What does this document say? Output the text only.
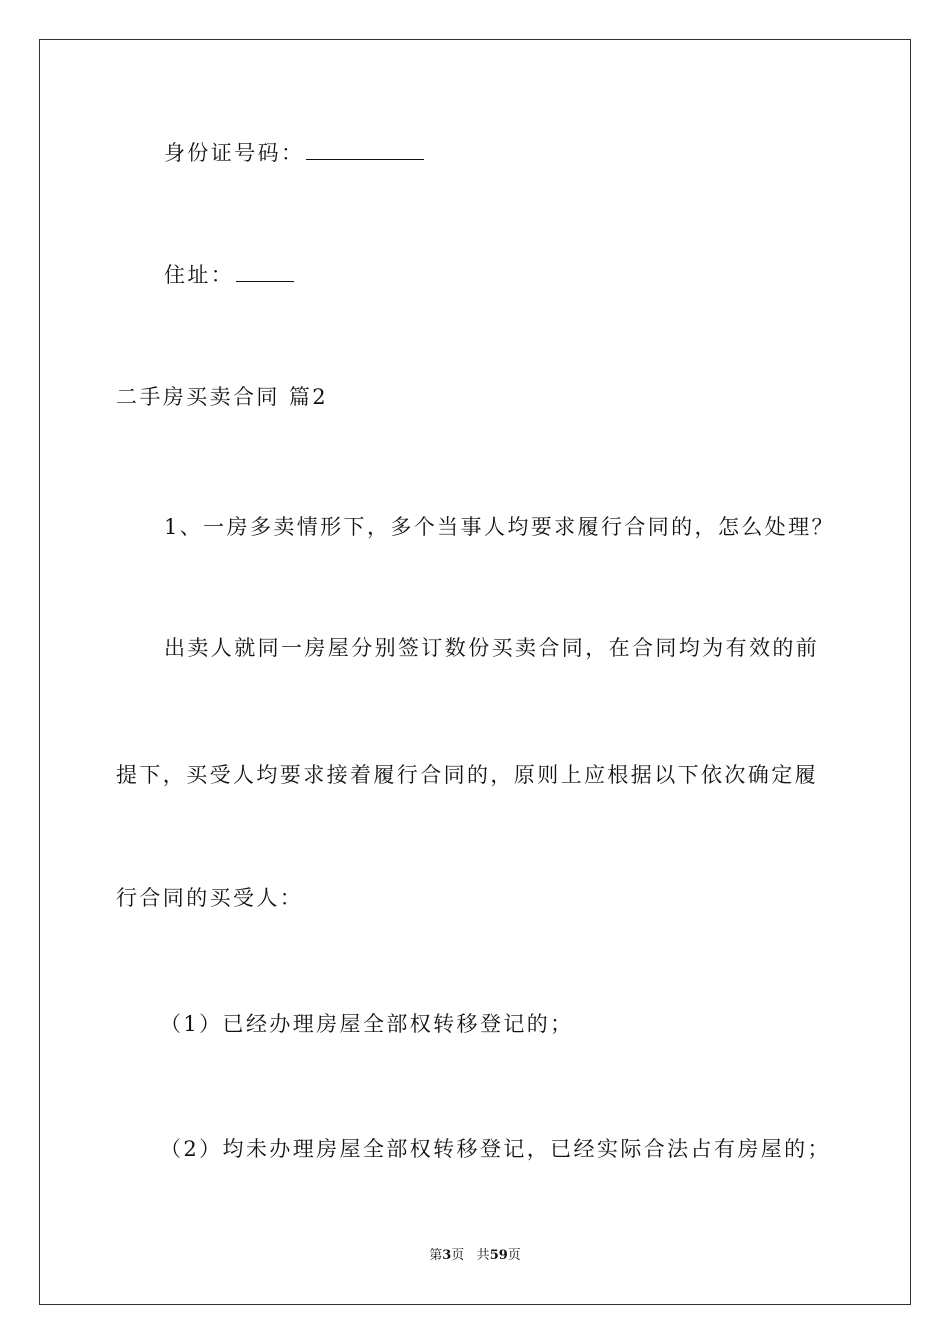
身份证号码：
住址：
二手房买卖合同 篇2
1、一房多卖情形下，多个当事人均要求履行合同的，怎么处理？
出卖人就同一房屋分别签订数份买卖合同，在合同均为有效的前
提下，买受人均要求接着履行合同的，原则上应根据以下依次确定履
行合同的买受人：
（1）已经办理房屋全部权转移登记的；
（2）均未办理房屋全部权转移登记，已经实际合法占有房屋的；
第3页 共59页
